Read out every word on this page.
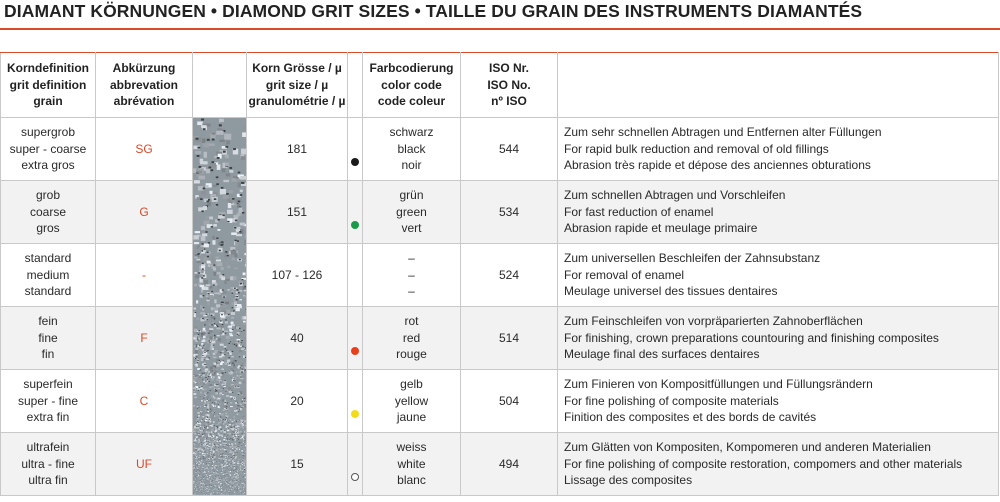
DIAMANT KÖRNUNGEN • DIAMOND GRIT SIZES • TAILLE DU GRAIN DES INSTRUMENTS DIAMANTÉS
Korndefinition
grit definition
grain	Abkürzung
abbrevation
abrévation		Korn Grösse / µ
grit size / µ
granulométrie / µ		Farbcodierung
color code
code coleur	ISO Nr.
ISO No.
nº ISO	

supergrob
super - coarse
extra gros	SG		181		schwarz
black
noir	544	Zum sehr schnellen Abtragen und Entfernen alter Füllungen
For rapid bulk reduction and removal of old fillings
Abrasion très rapide et dépose des anciennes obturations

grob
coarse
gros	G		151		grün
green
vert	534	Zum schnellen Abtragen und Vorschleifen
For fast reduction of enamel
Abrasion rapide et meulage primaire

standard
medium
standard	-		107 - 126		–
–
–	524	Zum universellen Beschleifen der Zahnsubstanz
For removal of enamel
Meulage universel des tissues dentaires

fein
fine
fin	F		40		rot
red
rouge	514	Zum Feinschleifen von vorpräparierten Zahnoberflächen
For finishing, crown preparations countouring and finishing composites
Meulage final des surfaces dentaires

superfein
super - fine
extra fin	C		20		gelb
yellow
jaune	504	Zum Finieren von Kompositfüllungen und Füllungsrändern
For fine polishing of composite materials
Finition des composites et des bords de cavités

ultrafein
ultra - fine
ultra fin	UF		15		weiss
white
blanc	494	Zum Glätten von Kompositen, Kompomeren und anderen Materialien
For fine polishing of composite restoration, compomers and other materials
Lissage des composites
